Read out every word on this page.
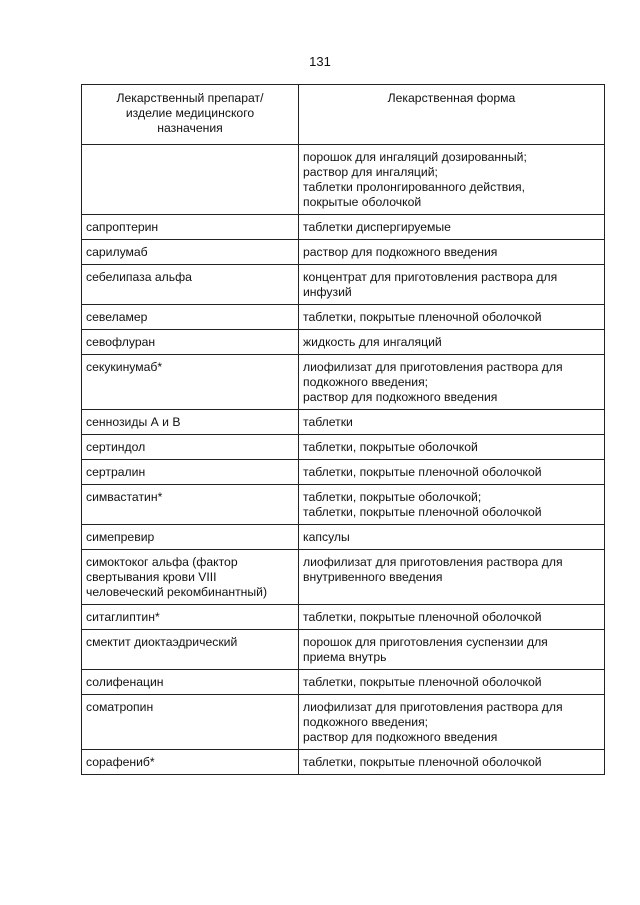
131
Лекарственный препарат/
изделие медицинского
назначения	Лекарственная форма

	порошок для ингаляций дозированный;
раствор для ингаляций;
таблетки пролонгированного действия,
покрытые оболочкой

сапроптерин	таблетки диспергируемые

сарилумаб	раствор для подкожного введения

себелипаза альфа	концентрат для приготовления раствора для
инфузий

севеламер	таблетки, покрытые пленочной оболочкой

севофлуран	жидкость для ингаляций

секукинумаб*	лиофилизат для приготовления раствора для
подкожного введения;
раствор для подкожного введения

сеннозиды А и В	таблетки

сертиндол	таблетки, покрытые оболочкой

сертралин	таблетки, покрытые пленочной оболочкой

симвастатин*	таблетки, покрытые оболочкой;
таблетки, покрытые пленочной оболочкой

симепревир	капсулы

симоктоког альфа (фактор
свертывания крови VIII
человеческий рекомбинантный)	лиофилизат для приготовления раствора для
внутривенного введения

ситаглиптин*	таблетки, покрытые пленочной оболочкой

смектит диоктаэдрический	порошок для приготовления суспензии для
приема внутрь

солифенацин	таблетки, покрытые пленочной оболочкой

соматропин	лиофилизат для приготовления раствора для
подкожного введения;
раствор для подкожного введения

сорафениб*	таблетки, покрытые пленочной оболочкой
